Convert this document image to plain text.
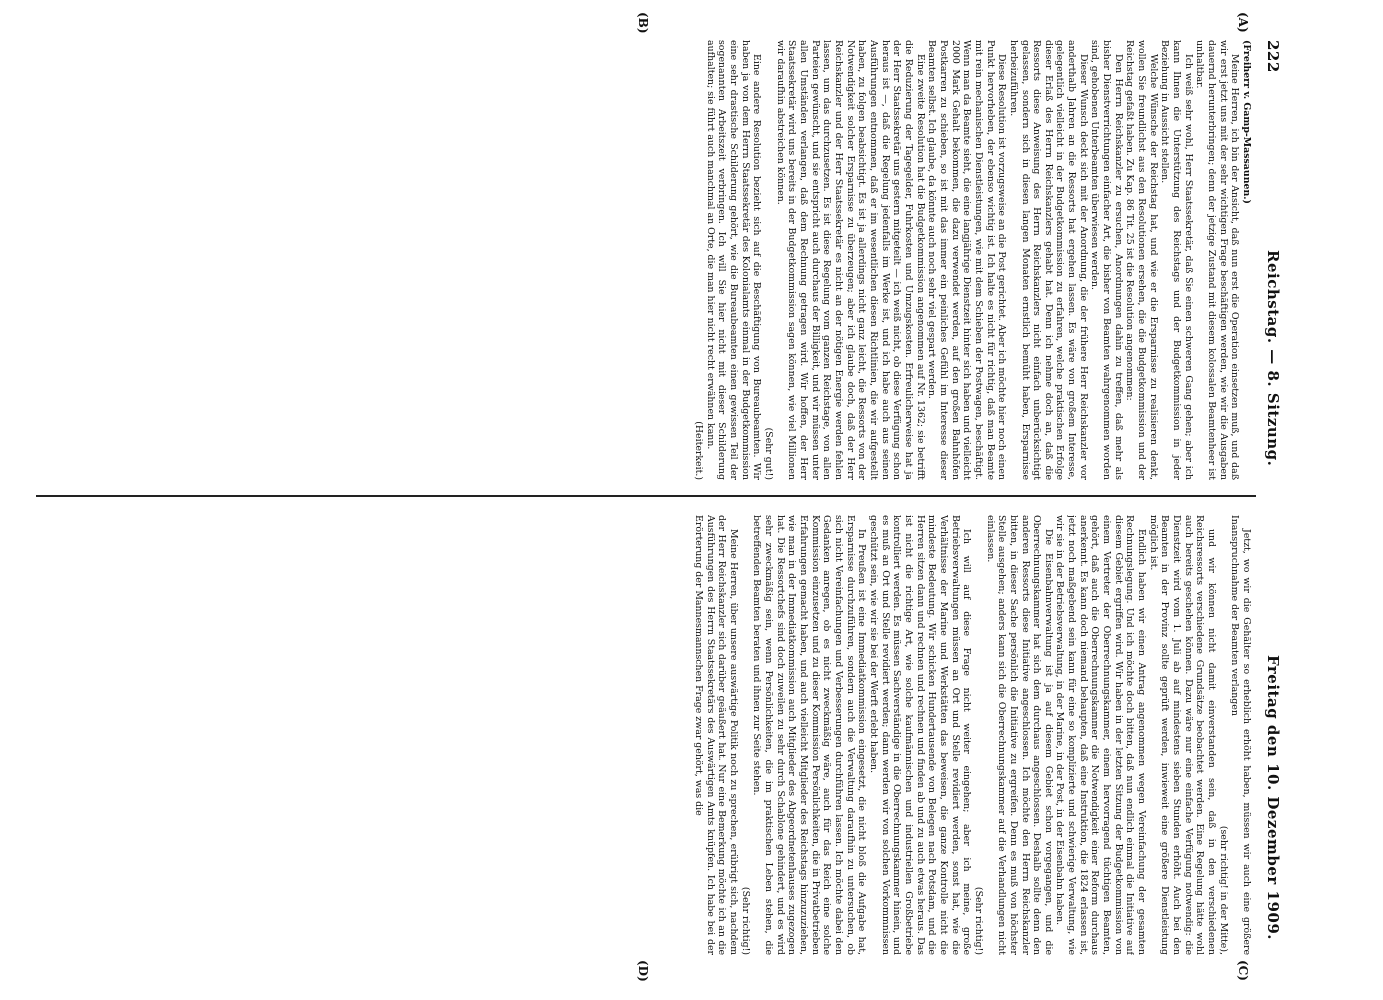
222
Reichstag. — 8. Sitzung.
Freitag den 10. Dezember 1909.
(A)
(B)
(C)
(D)

(Freiherr v. Gamp-Massaunen.)

Meine Herren, ich bin der Ansicht, daß nun erst die Operation einsetzen muß, und daß wir erst jetzt uns mit der sehr wichtigen Frage beschäftigen werden, wie wir die Ausgaben dauernd herunterbringen; denn der jetzige Zustand mit diesem kolossalen Beamtenheer ist unhaltbar.

Ich weiß sehr wohl, Herr Staatssekretär, daß Sie einen schweren Gang gehen; aber ich kann Ihnen die Unterstützung des Reichstags und der Budgetkommission in jeder Beziehung in Aussicht stellen.

Welche Wünsche der Reichstag hat, und wie er die Ersparnisse zu realisieren denkt, wollen Sie freundlichst aus den Resolutionen ersehen, die die Budgetkommission und der Reichstag gefaßt haben. Zu Kap. 86 Tit. 25 ist die Resolution angenommen:

Den Herrn Reichskanzler zu ersuchen, Anordnungen dahin zu treffen, daß mehr als bisher Dienstverrichtungen einfacher Art, die bisher von Beamten wahrgenommen worden sind, gehobenen Unterbeamten überwiesen werden.

Dieser Wunsch deckt sich mit der Anordnung, die der frühere Herr Reichskanzler vor anderthalb Jahren an die Ressorts hat ergehen lassen. Es wäre von großem Interesse, gelegentlich vielleicht in der Budgetkommission zu erfahren, welche praktischen Erfolge dieser Erlaß des Herrn Reichskanzlers gehabt hat. Denn ich nehme doch an, daß die Ressorts diese Anweisung des Herrn Reichskanzlers nicht einfach unberücksichtigt gelassen, sondern sich in diesen langen Monaten ernstlich bemüht haben, Ersparnisse herbeizuführen.

Diese Resolution ist vorzugsweise an die Post gerichtet. Aber ich möchte hier noch einen Punkt hervorheben, der ebenso wichtig ist. Ich halte es nicht für richtig, daß man Beamte mit rein mechanischen Dienstleistungen, wie mit dem Schieben der Postwagen, beschäftigt. Wenn man da Beamte sieht, die eine langjährige Dienstzeit hinter sich haben und vielleicht 2000 Mark Gehalt bekommen, die dazu verwendet werden, auf den großen Bahnhöfen Postkarren zu schieben, so ist mit das immer ein peinliches Gefühl im Interesse dieser Beamten selbst. Ich glaube, da könnte auch noch sehr viel gespart werden.

Eine zweite Resolution hat die Budgetkommission angenommen auf Nr. 1362; sie betrifft die Reduzierung der Tagegelder, Fuhrkosten und Umzugskosten. Erfreulicherweise hat ja der Herr Staatssekretär uns gestern mitgeteilt — ich weiß nicht, ob diese Verfügung schon heraus ist —, daß die Regelung jedenfalls im Werke ist, und ich habe auch aus seinen Ausführungen entnommen, daß er im wesentlichen diesen Richtlinien, die wir aufgestellt haben, zu folgen beabsichtigt. Es ist ja allerdings nicht ganz leicht, die Ressorts von der Notwendigkeit solcher Ersparnisse zu überzeugen; aber ich glaube doch, daß der Herr Reichskanzler und der Herr Staatssekretär es nicht an der nötigen Energie werden fehlen lassen, um das durchzusetzen. Es ist diese Regelung vom ganzen Reichstage, von allen Parteien gewünscht, und sie entspricht auch durchaus der Billigkeit, und wir müssen unter allen Umständen verlangen, daß dem Rechnung getragen wird. Wir hoffen, der Herr Staatssekretär wird uns bereits in der Budgetkommission sagen können, wie viel Millionen wir daraufhin abstreichen können.

(Sehr gut!)

Eine andere Resolution bezieht sich auf die Beschäftigung von Bureaubeamten. Wir haben ja von dem Herrn Staatssekretär des Kolonialamts einmal in der Budgetkommission eine sehr drastische Schilderung gehört, wie die Bureaubeamten einen gewissen Teil der sogenannten Arbeitszeit verbringen. Ich will Sie hier nicht mit dieser Schilderung aufhalten; sie führt auch manchmal an Orte, die man hier nicht recht erwähnen kann.

(Heiterkeit.)

Jetzt, wo wir die Gehälter so erheblich erhöht haben, müssen wir auch eine größere Inanspruchnahme der Beamten verlangen

(sehr richtig! in der Mitte),

und wir können nicht damit einverstanden sein, daß in den verschiedenen Reichsressorts verschiedene Grundsätze beobachtet werden. Eine Regelung hätte wohl auch bereits geschehen können. Dazu wäre nur eine einfache Verfügung notwendig: die Dienstzeit wird vom 1. Juli ab auf mindestens sieben Stunden erhöht. Auch bei den Beamten in der Provinz sollte geprüft werden, inwieweit eine größere Dienstleistung möglich ist.

Endlich haben wir einen Antrag angenommen wegen Vereinfachung der gesamten Rechnungslegung. Und ich möchte doch bitten, daß nun endlich einmal die Initiative auf diesem Gebiet ergriffen wird. Wir haben in der letzten Sitzung der Budgetkommission von einem Vertreter der Oberrechnungskammer, einem hervorragend tüchtigen Beamten, gehört, daß auch die Oberrechnungskammer die Notwendigkeit einer Reform durchaus anerkennt. Es kann doch niemand behaupten, daß eine Instruktion, die 1824 erlassen ist, jetzt noch maßgebend sein kann für eine so komplizierte und schwierige Verwaltung, wie wir sie in der Betriebsverwaltung, in der Marine, in der Post, in der Eisenbahn haben.

Die Eisenbahnverwaltung ist ja auf diesem Gebiet schon vorgegangen, und die Oberrechnungskammer hat sich dem durchaus angeschlossen. Deshalb sollte denn den anderen Ressorts diese Initiative angeschlossen. Ich möchte den Herrn Reichskanzler bitten, in dieser Sache persönlich die Initiative zu ergreifen. Denn es muß von höchster Stelle ausgehen; anders kann sich die Oberrechnungskammer auf die Verhandlungen nicht einlassen.

(Sehr richtig!)

Ich will auf diese Frage nicht weiter eingehen; aber ich meine, große Betriebsverwaltungen müssen an Ort und Stelle revidiert werden, sonst hat, wie die Verhältnisse der Marine und Werkstätten das beweisen, die ganze Kontrolle nicht die mindeste Bedeutung. Wir schicken Hundertausende von Belegen nach Potsdam, und die Herren sitzen dann und rechnen und rechnen und finden ab und zu auch etwas heraus. Das ist nicht die richtige Art, wie solche kaufmännischen und industriellen Großbetriebe kontrolliert werden. Es müssen Sachverständige in die Oberrechnungskammer hinein, und es muß an Ort und Stelle revidiert werden; dann werden wir von solchen Vorkommnissen geschützt sein, wie wir sie bei der Werft erlebt haben.

In Preußen ist eine Immediatkommission eingesetzt, die nicht bloß die Aufgabe hat, Ersparnisse durchzuführen, sondern auch die Verwaltung daraufhin zu untersuchen, ob sich nicht Vereinfachungen und Verbesserungen durchführen lassen. Ich möchte dabei den Gedanken anregen, ob es nicht zweckmäßig wäre, auch für das Reich eine solche Kommission einzusetzen und zu dieser Kommission Persönlichkeiten, die in Privatbetrieben Erfahrungen gemacht haben, und auch vielleicht Mitglieder des Reichstags hinzuzuziehen, wie man in der Immediatkommission auch Mitglieder des Abgeordnetenhauses zugezogen hat. Die Ressortchefs sind doch zuweilen zu sehr durch Schablone gehindert, und es wird sehr zweckmäßig sein, wenn Persönlichkeiten, die im praktischen Leben stehen, die betreffenden Beamten beraten und ihnen zur Seite stehen.

(Sehr richtig!)

Meine Herren, über unsere auswärtige Politik noch zu sprechen, erübrigt sich, nachdem der Herr Reichskanzler sich darüber geäußert hat. Nur eine Bemerkung möchte ich an die Ausführungen des Herrn Staatssekretärs des Auswärtigen Amts knüpfen. Ich habe bei der Erörterung der Mannesmannschen Frage zwar gehört, was die
